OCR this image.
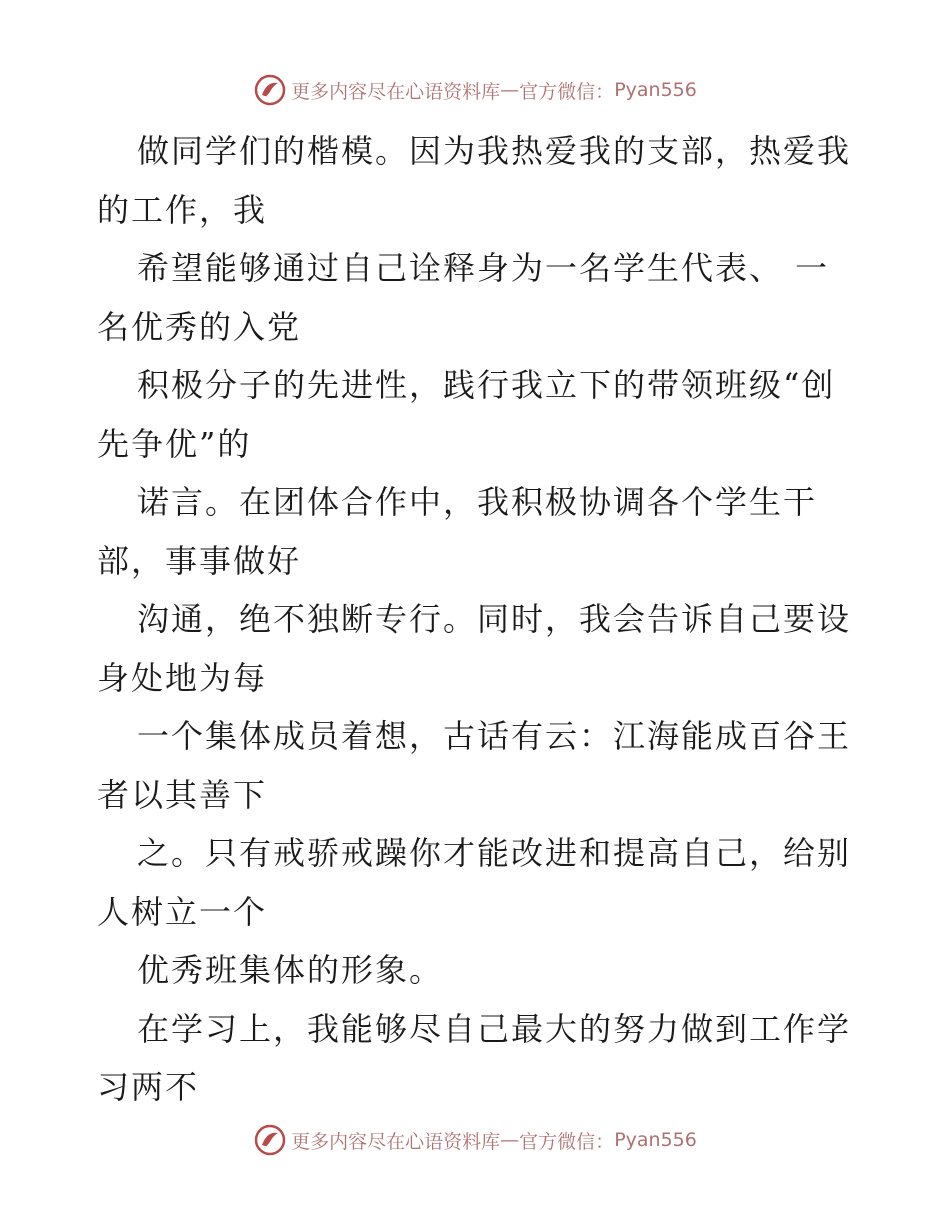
更多内容尽在心语资料库 — 官方微信： Pyan556
做同学们的楷模。因为我热爱我的支部，热爱我
的工作，我
希望能够通过自己诠释身为一名学生代表、 一
名优秀的入党
积极分子的先进性，践行我立下的带领班级“创
先争优”的
诺言。在团体合作中，我积极协调各个学生干
部，事事做好
沟通，绝不独断专行。同时，我会告诉自己要设
身处地为每
一个集体成员着想，古话有云：江海能成百谷王
者以其善下
之。只有戒骄戒躁你才能改进和提高自己，给别
人树立一个
优秀班集体的形象。
在学习上，我能够尽自己最大的努力做到工作学
习两不
更多内容尽在心语资料库 — 官方微信： Pyan556
